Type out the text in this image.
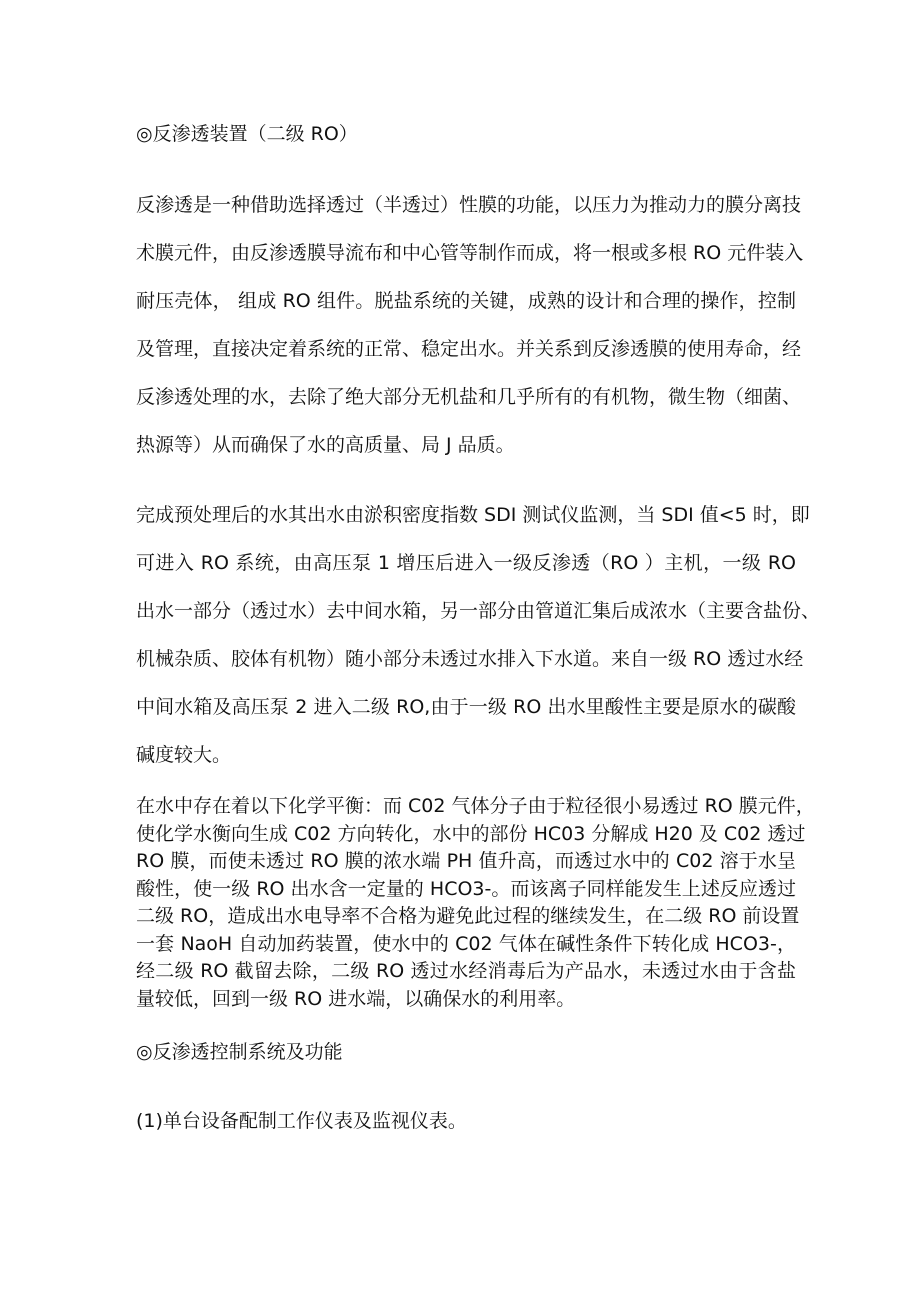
◎反渗透装置（二级 RO）
反渗透是一种借助选择透过（半透过）性膜的功能，以压力为推动力的膜分离技
术膜元件，由反渗透膜导流布和中心管等制作而成，将一根或多根 RO 元件装入
耐压壳体， 组成 RO 组件。脱盐系统的关键，成熟的设计和合理的操作，控制
及管理，直接决定着系统的正常、稳定出水。并关系到反渗透膜的使用寿命，经
反渗透处理的水，去除了绝大部分无机盐和几乎所有的有机物，微生物（细菌、
热源等）从而确保了水的高质量、局 J 品质。
完成预处理后的水其出水由淤积密度指数 SDI 测试仪监测，当 SDI 值<5 时，即
可进入 RO 系统，由高压泵 1 增压后进入一级反渗透（RO ）主机，一级 RO
出水一部分（透过水）去中间水箱，另一部分由管道汇集后成浓水（主要含盐份、
机械杂质、胶体有机物）随小部分未透过水排入下水道。来自一级 RO 透过水经
中间水箱及高压泵 2 进入二级 RO,由于一级 RO 出水里酸性主要是原水的碳酸
碱度较大。
在水中存在着以下化学平衡：而 C02 气体分子由于粒径很小易透过 RO 膜元件，
使化学水衡向生成 C02 方向转化，水中的部份 HC03 分解成 H20 及 C02 透过
RO 膜，而使未透过 RO 膜的浓水端 PH 值升高，而透过水中的 C02 溶于水呈
酸性，使一级 RO 出水含一定量的 HCO3-。而该离子同样能发生上述反应透过
二级 RO，造成出水电导率不合格为避免此过程的继续发生，在二级 RO 前设置
一套 NaoH 自动加药装置，使水中的 C02 气体在碱性条件下转化成 HCO3-，
经二级 RO 截留去除，二级 RO 透过水经消毒后为产品水，未透过水由于含盐
量较低，回到一级 RO 进水端，以确保水的利用率。
◎反渗透控制系统及功能
(1)单台设备配制工作仪表及监视仪表。
